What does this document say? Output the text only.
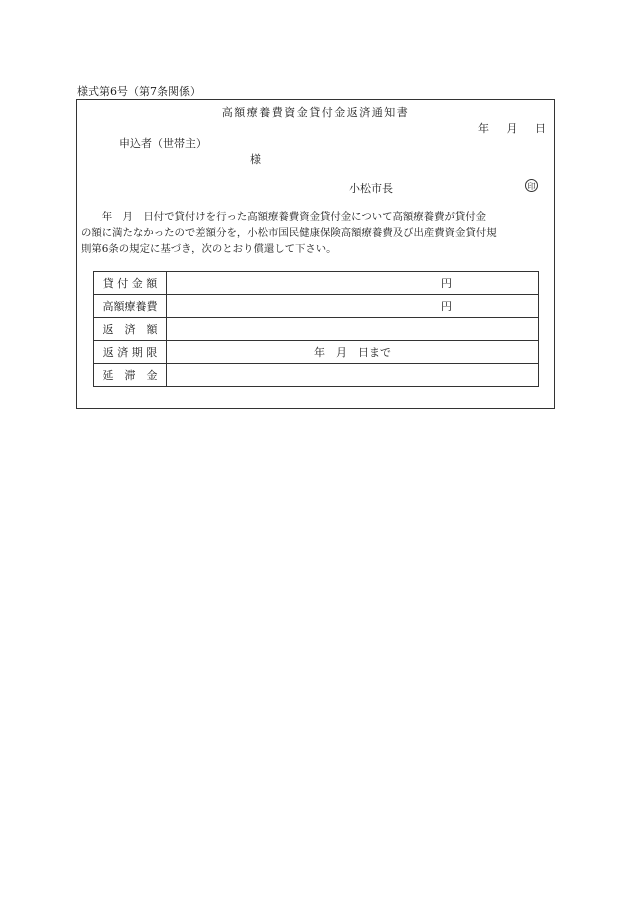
様式第6号（第7条関係）
高額療養費資金貸付金返済通知書
年 月 日
申込者（世帯主）
様
小松市長	印
　　年　月　日付で貸付けを行った高額療養費資金貸付金について高額療養費が貸付金
の額に満たなかったので差額分を，小松市国民健康保険高額療養費及び出産費資金貸付規
則第6条の規定に基づき，次のとおり償還して下さい。
貸 付 金 額	円
高額療養費	円
返　済　額	
返 済 期 限	年　月　日まで
延　滞　金	
